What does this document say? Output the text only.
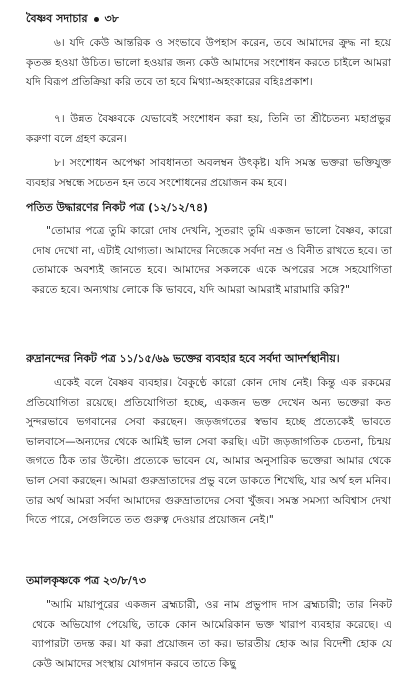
বৈষ্ণব সদাচার ৩৮
৬। যদি কেউ আন্তরিক ও সংভাবে উপহাস করেন, তবে আমাদের ক্রুদ্ধ না হয়ে কৃতজ্ঞ হওয়া উচিত। ভালো হওয়ার জন্য কেউ আমাদের সংশোধন করতে চাইলে আমরা যদি বিরূপ প্রতিক্রিয়া করি তবে তা হবে মিথ্যা-অহংকারের বহিঃপ্রকাশ।
৭। উন্নত বৈষ্ণবকে যেভাবেই সংশোধন করা হয়, তিনি তা শ্রীচৈতন্য মহাপ্রভুর করুণা বলে গ্রহণ করেন।
৮। সংশোধন অপেক্ষা সাবধানতা অবলম্বন উৎকৃষ্ট। যদি সমস্ত ভক্তরা ভক্তিযুক্ত ব্যবহার সম্বন্ধে সচেতন হন তবে সংশোধনের প্রয়োজন কম হবে।
পতিত উদ্ধারণের নিকট পত্র (১২/১২/৭৪)
"তোমার পত্রে তুমি কারো দোষ দেখনি, সুতরাং তুমি একজন ভালো বৈষ্ণব, কারো দোষ দেখো না, এটাই যোগ্যতা। আমাদের নিজেকে সর্বদা নম্র ও বিনীত রাখতে হবে। তা তোমাকে অবশ্যই জানতে হবে। আমাদের সকলকে একে অপরের সঙ্গে সহযোগিতা করতে হবে। অন্যথায় লোকে কি ভাববে, যদি আমরা আমরাই মারামারি করি?"
রুদ্রানন্দের নিকট পত্র ১১/১৫/৬৯ ভক্তের ব্যবহার হবে সর্বদা আদর্শস্থানীয়।
একেই বলে বৈষ্ণব ব্যবহার। বৈকুণ্ঠে কারো কোন দোষ নেই। কিন্তু এক রকমের প্রতিযোগিতা রয়েছে। প্রতিযোগিতা হচ্ছে, একজন ভক্ত দেখেন অন্য ভক্তেরা কত সুন্দরভাবে ভগবানের সেবা করছেন। জড়জগতের স্বভাব হচ্ছে প্রত্যেকেই ভাবতে ভালবাসে—অন্যদের থেকে আমিই ভাল সেবা করছি। এটা জড়জাগতিক চেতনা, চিন্ময় জগতে ঠিক তার উল্টো। প্রত্যেকে ভাবেন যে, আমার অনুসারিক ভক্তেরা আমার থেকে ভাল সেবা করছেন। আমরা গুরুভ্রাতাদের প্রভু বলে ডাকতে শিখেছি, যার অর্থ হল মনিব। তার অর্থ আমরা সর্বদা আমাদের গুরুভ্রাতাদের সেবা খুঁজব। সমস্ত সমস্যা অবিশ্বাস দেখা দিতে পারে, সেগুলিতে তত গুরুত্ব দেওয়ার প্রয়োজন নেই।"
তমালকৃষ্ণকে পত্র ২৩/৮/৭৩
"আমি মায়াপুরের একজন ব্রহ্মচারী, ওর নাম প্রভুপাদ দাস ব্রহ্মচারী; তার নিকট থেকে অভিযোগ পেয়েছি, তাকে কোন আমেরিকান ভক্ত খারাপ ব্যবহার করেছে। এ ব্যাপারটা তদন্ত কর। যা করা প্রয়োজন তা কর। ভারতীয় হোক আর বিদেশী হোক যে কেউ আমাদের সংস্থায় যোগদান করবে তাতে কিছু
